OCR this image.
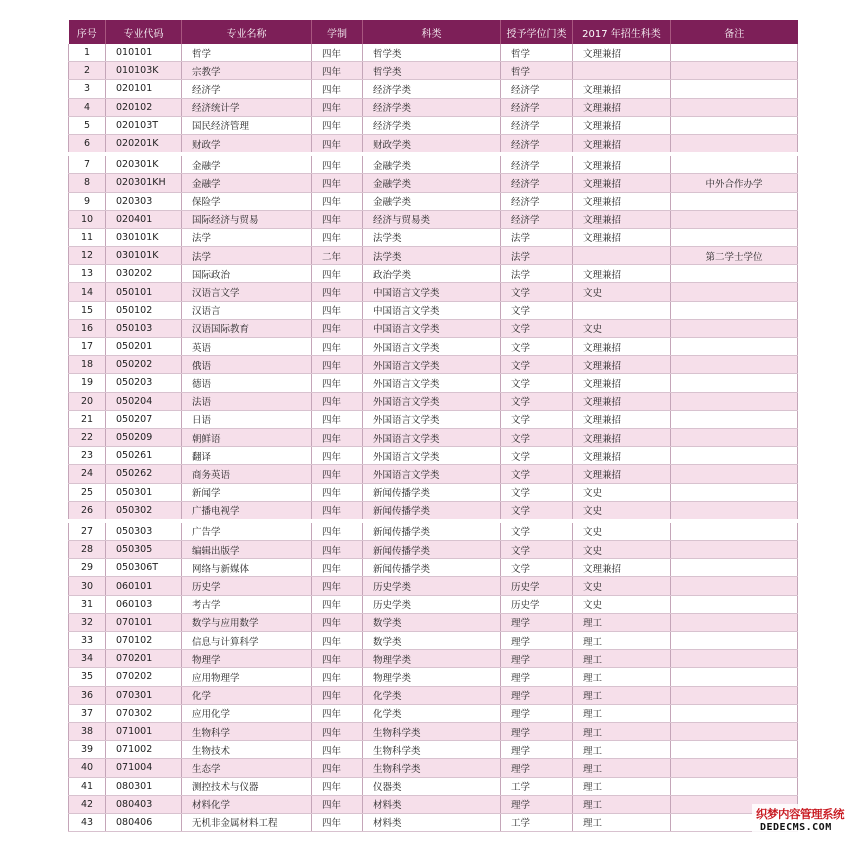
序号	专业代码	专业名称	学制	科类	授予学位门类	2017 年招生科类	备注
1	010101	哲学	四年	哲学类	哲学	文理兼招	
2	010103K	宗教学	四年	哲学类	哲学		
3	020101	经济学	四年	经济学类	经济学	文理兼招	
4	020102	经济统计学	四年	经济学类	经济学	文理兼招	
5	020103T	国民经济管理	四年	经济学类	经济学	文理兼招	
6	020201K	财政学	四年	财政学类	经济学	文理兼招	
7	020301K	金融学	四年	金融学类	经济学	文理兼招	
8	020301KH	金融学	四年	金融学类	经济学	文理兼招	中外合作办学
9	020303	保险学	四年	金融学类	经济学	文理兼招	
10	020401	国际经济与贸易	四年	经济与贸易类	经济学	文理兼招	
11	030101K	法学	四年	法学类	法学	文理兼招	
12	030101K	法学	二年	法学类	法学		第二学士学位
13	030202	国际政治	四年	政治学类	法学	文理兼招	
14	050101	汉语言文学	四年	中国语言文学类	文学	文史	
15	050102	汉语言	四年	中国语言文学类	文学		
16	050103	汉语国际教育	四年	中国语言文学类	文学	文史	
17	050201	英语	四年	外国语言文学类	文学	文理兼招	
18	050202	俄语	四年	外国语言文学类	文学	文理兼招	
19	050203	德语	四年	外国语言文学类	文学	文理兼招	
20	050204	法语	四年	外国语言文学类	文学	文理兼招	
21	050207	日语	四年	外国语言文学类	文学	文理兼招	
22	050209	朝鲜语	四年	外国语言文学类	文学	文理兼招	
23	050261	翻译	四年	外国语言文学类	文学	文理兼招	
24	050262	商务英语	四年	外国语言文学类	文学	文理兼招	
25	050301	新闻学	四年	新闻传播学类	文学	文史	
26	050302	广播电视学	四年	新闻传播学类	文学	文史	
27	050303	广告学	四年	新闻传播学类	文学	文史	
28	050305	编辑出版学	四年	新闻传播学类	文学	文史	
29	050306T	网络与新媒体	四年	新闻传播学类	文学	文理兼招	
30	060101	历史学	四年	历史学类	历史学	文史	
31	060103	考古学	四年	历史学类	历史学	文史	
32	070101	数学与应用数学	四年	数学类	理学	理工	
33	070102	信息与计算科学	四年	数学类	理学	理工	
34	070201	物理学	四年	物理学类	理学	理工	
35	070202	应用物理学	四年	物理学类	理学	理工	
36	070301	化学	四年	化学类	理学	理工	
37	070302	应用化学	四年	化学类	理学	理工	
38	071001	生物科学	四年	生物科学类	理学	理工	
39	071002	生物技术	四年	生物科学类	理学	理工	
40	071004	生态学	四年	生物科学类	理学	理工	
41	080301	测控技术与仪器	四年	仪器类	工学	理工	
42	080403	材料化学	四年	材料类	理学	理工	
43	080406	无机非金属材料工程	四年	材料类	工学	理工	
织梦内容管理系统
DEDECMS.COM
